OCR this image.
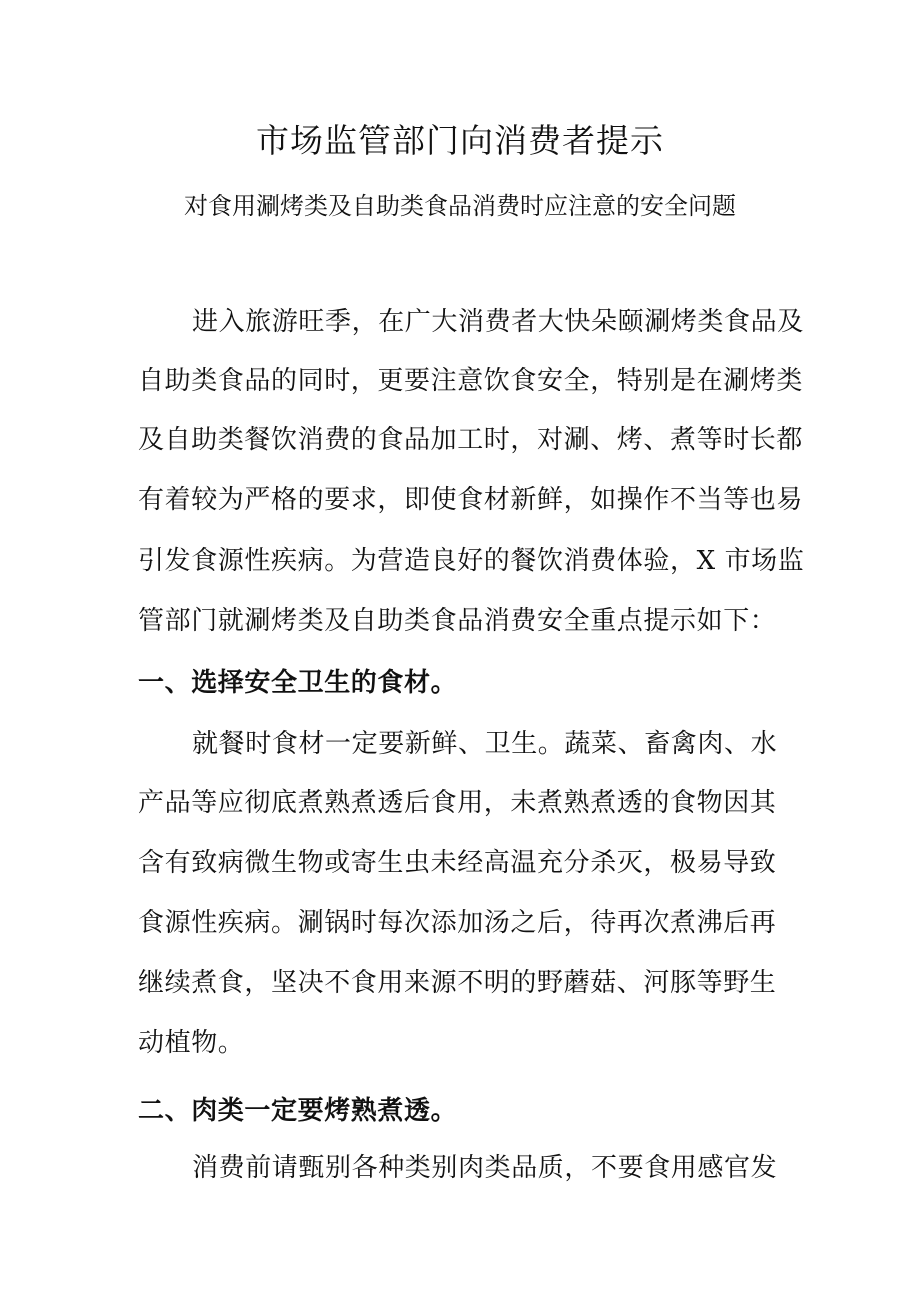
市场监管部门向消费者提示
对食用涮烤类及自助类食品消费时应注意的安全问题
进入旅游旺季，在广大消费者大快朵颐涮烤类食品及
自助类食品的同时，更要注意饮食安全，特别是在涮烤类
及自助类餐饮消费的食品加工时，对涮、烤、煮等时长都
有着较为严格的要求，即使食材新鲜，如操作不当等也易
引发食源性疾病。为营造良好的餐饮消费体验，X 市场监
管部门就涮烤类及自助类食品消费安全重点提示如下：
一、选择安全卫生的食材。
就餐时食材一定要新鲜、卫生。蔬菜、畜禽肉、水
产品等应彻底煮熟煮透后食用，未煮熟煮透的食物因其
含有致病微生物或寄生虫未经高温充分杀灭，极易导致
食源性疾病。涮锅时每次添加汤之后，待再次煮沸后再
继续煮食，坚决不食用来源不明的野蘑菇、河豚等野生
动植物。
二、肉类一定要烤熟煮透。
消费前请甄别各种类别肉类品质，不要食用感官发
